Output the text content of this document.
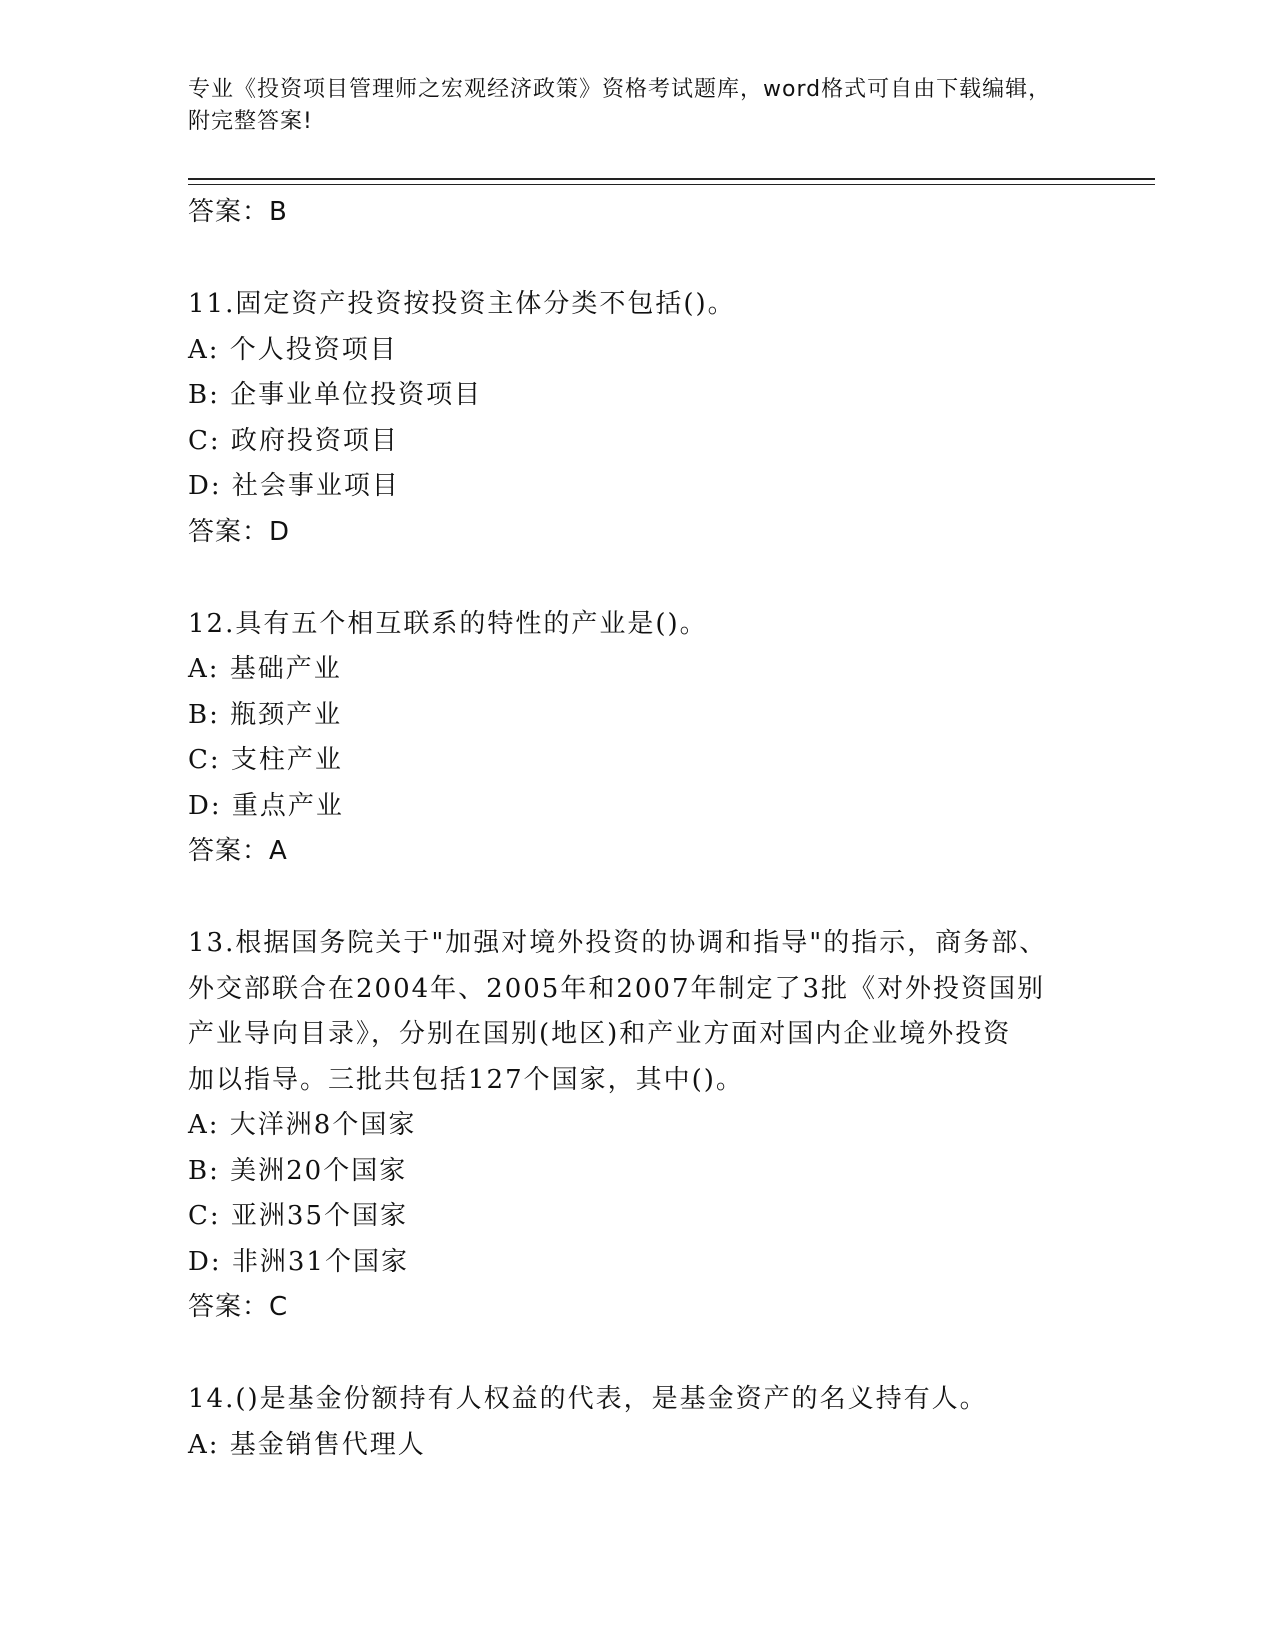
专业《投资项目管理师之宏观经济政策》资格考试题库，word格式可自由下载编辑，附完整答案!
答案：B
11.固定资产投资按投资主体分类不包括()。
A: 个人投资项目
B: 企事业单位投资项目
C: 政府投资项目
D: 社会事业项目
答案：D
12.具有五个相互联系的特性的产业是()。
A: 基础产业
B: 瓶颈产业
C: 支柱产业
D: 重点产业
答案：A
13.根据国务院关于"加强对境外投资的协调和指导"的指示，商务部、
外交部联合在2004年、2005年和2007年制定了3批《对外投资国别
产业导向目录》，分别在国别(地区)和产业方面对国内企业境外投资
加以指导。三批共包括127个国家，其中()。
A: 大洋洲8个国家
B: 美洲20个国家
C: 亚洲35个国家
D: 非洲31个国家
答案：C
14.()是基金份额持有人权益的代表，是基金资产的名义持有人。
A: 基金销售代理人
